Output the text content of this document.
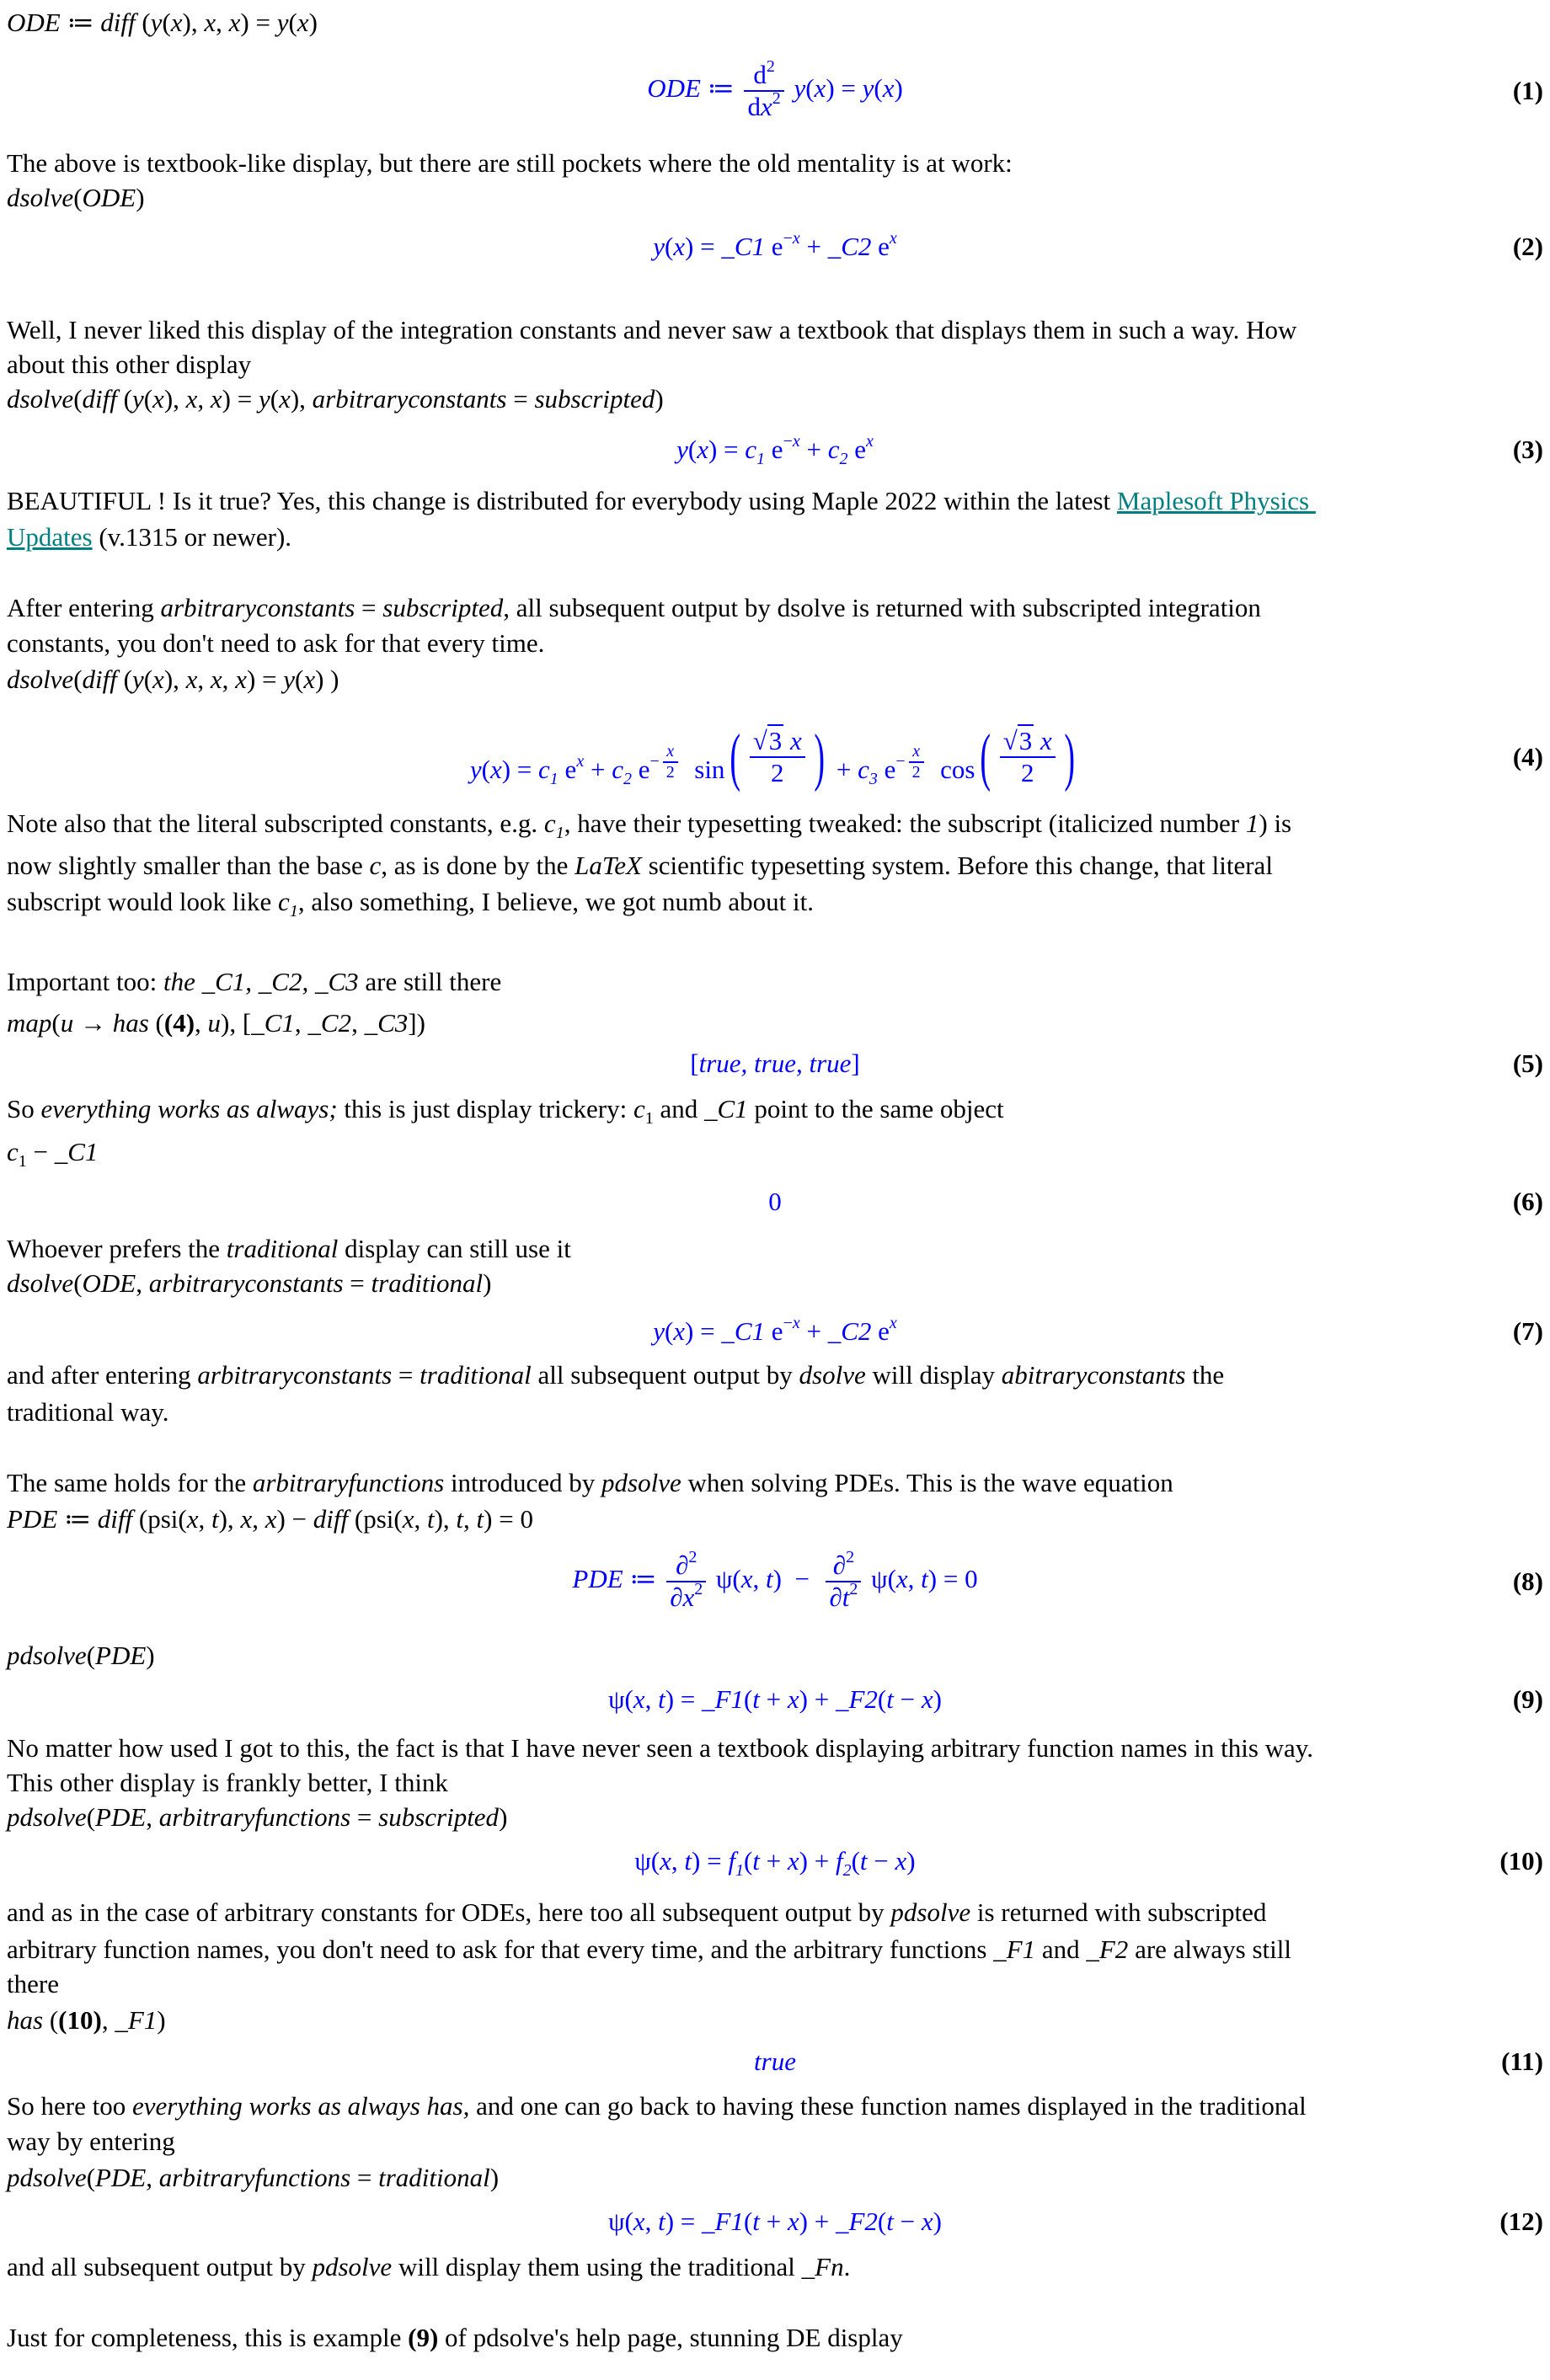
ODE ≔ diff (y(x), x, x) = y(x)
ODE ≔ $\frac{d^2}{dx^2} y(x) = y(x)$	(1)
The above is textbook-like display, but there are still pockets where the old mentality is at work:
dsolve(ODE)
y(x) = _C1 $e^{-x}$ + _C2 $e^x$	(2)
Well, I never liked this display of the integration constants and never saw a textbook that displays them in such a way. How
about this other display
dsolve(diff (y(x), x, x) = y(x), arbitraryconstants = subscripted)
$y(x) = c_1$ $e^{-x} + c_2$ $e^x$	(3)
BEAUTIFUL ! Is it true? Yes, this change is distributed for everybody using Maple 2022 within the latest Maplesoft Physics
Updates (v.1315 or newer).
After entering arbitraryconstants = subscripted, all subsequent output by dsolve is returned with subscripted integration
constants, you don't need to ask for that every time.
dsolve(diff (y(x), x, x, x) = y(x) )
$y(x) = c_1$ $e^x + c_2$ $e^{- \frac{x}{2}}$ sin ( $\frac{√3 x}{2}$ ) + $c_3$ $e^{- \frac{x}{2}}$ cos ( $\frac{√3 x}{2}$ )	(4)
Note also that the literal subscripted constants, e.g. $c_1$, have their typesetting tweaked: the subscript (italicized number 1) is
now slightly smaller than the base c, as is done by the LaTeX scientific typesetting system. Before this change, that literal
subscript would look like $c_1$, also something, I believe, we got numb about it.
Important too: the _C1, _C2, _C3 are still there
map(u → has ((4), u), [_C1, _C2, _C3])
[true, true, true]	(5)
So everything works as always; this is just display trickery: $c_1$ and _C1 point to the same object
$c_1$ − _C1
0	(6)
Whoever prefers the traditional display can still use it
dsolve(ODE, arbitraryconstants = traditional)
y(x) = _C1 $e^{-x}$ + _C2 $e^x$	(7)
and after entering arbitraryconstants = traditional all subsequent output by dsolve will display abitraryconstants the
traditional way.
The same holds for the arbitraryfunctions introduced by pdsolve when solving PDEs. This is the wave equation
PDE ≔ diff (psi(x, t), x, x) − diff (psi(x, t), t, t) = 0
PDE ≔ $\frac{\partial^2}{\partial x^2} \psi(x$, $t) - \frac{\partial^2}{\partial t^2} \psi(x$, t) = 0	(8)
pdsolve(PDE)
ψ(x, t) = _F1(t + x) + _F2(t − x)	(9)
No matter how used I got to this, the fact is that I have never seen a textbook displaying arbitrary function names in this way.
This other display is frankly better, I think
pdsolve(PDE, arbitraryfunctions = subscripted)
ψ(x, $t) = f_1(t + x) + f_2(t - x)$	(10)
and as in the case of arbitrary constants for ODEs, here too all subsequent output by pdsolve is returned with subscripted
arbitrary function names, you don't need to ask for that every time, and the arbitrary functions _F1 and _F2 are always still
there
has ((10), _F1)
true	(11)
So here too everything works as always has, and one can go back to having these function names displayed in the traditional
way by entering
pdsolve(PDE, arbitraryfunctions = traditional)
ψ(x, t) = _F1(t + x) + _F2(t − x)	(12)
and all subsequent output by pdsolve will display them using the traditional _Fn.
Just for completeness, this is example (9) of pdsolve's help page, stunning DE display
